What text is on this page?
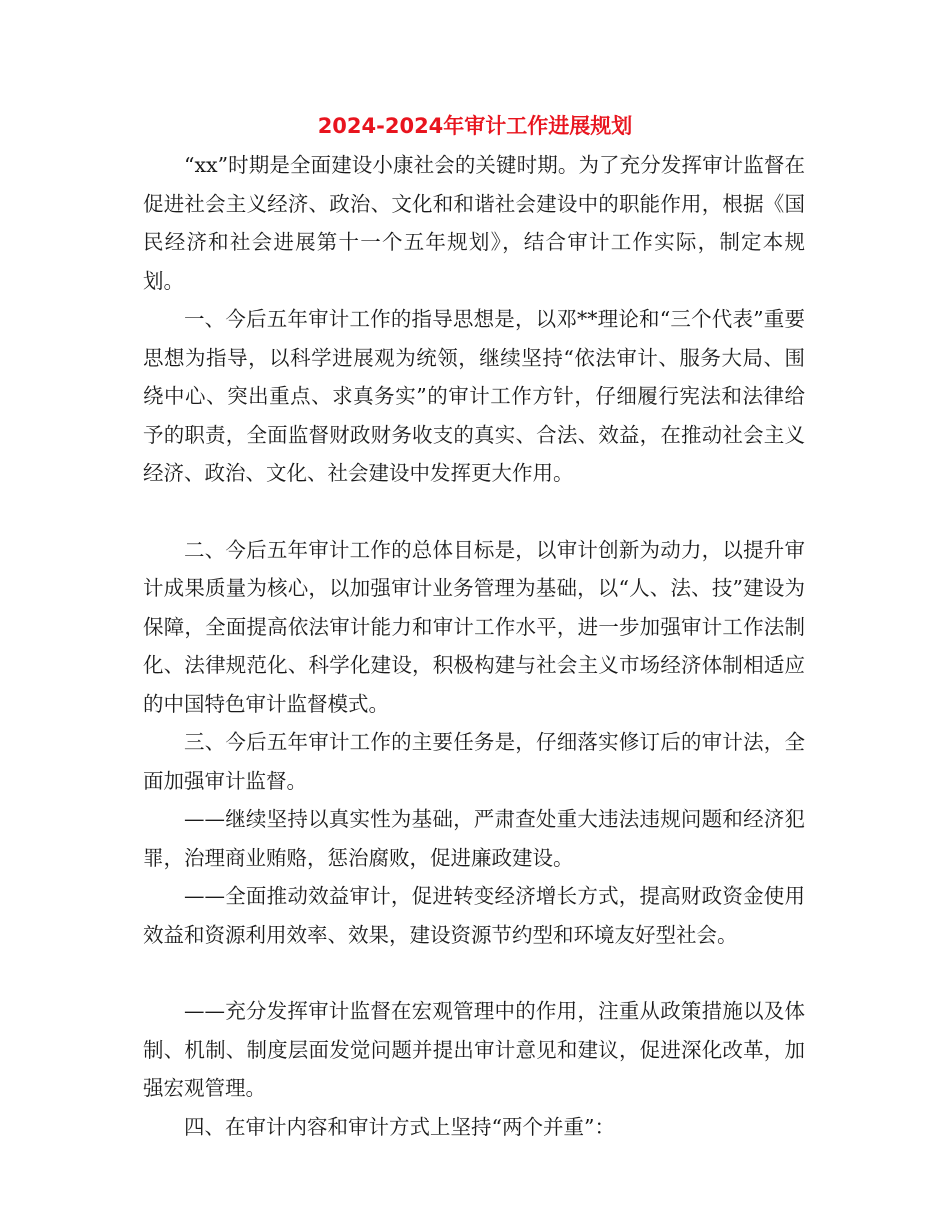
2024-2024年审计工作进展规划

“xx”时期是全面建设小康社会的关键时期。为了充分发挥审计监督在促进社会主义经济、政治、文化和和谐社会建设中的职能作用，根据《国民经济和社会进展第十一个五年规划》，结合审计工作实际，制定本规划。

一、今后五年审计工作的指导思想是，以邓**理论和“三个代表”重要思想为指导，以科学进展观为统领，继续坚持“依法审计、服务大局、围绕中心、突出重点、求真务实”的审计工作方针，仔细履行宪法和法律给予的职责，全面监督财政财务收支的真实、合法、效益，在推动社会主义经济、政治、文化、社会建设中发挥更大作用。

二、今后五年审计工作的总体目标是，以审计创新为动力，以提升审计成果质量为核心，以加强审计业务管理为基础，以“人、法、技”建设为保障，全面提高依法审计能力和审计工作水平，进一步加强审计工作法制化、法律规范化、科学化建设，积极构建与社会主义市场经济体制相适应的中国特色审计监督模式。

三、今后五年审计工作的主要任务是，仔细落实修订后的审计法，全面加强审计监督。

——继续坚持以真实性为基础，严肃查处重大违法违规问题和经济犯罪，治理商业贿赂，惩治腐败，促进廉政建设。

——全面推动效益审计，促进转变经济增长方式，提高财政资金使用效益和资源利用效率、效果，建设资源节约型和环境友好型社会。

——充分发挥审计监督在宏观管理中的作用，注重从政策措施以及体制、机制、制度层面发觉问题并提出审计意见和建议，促进深化改革，加强宏观管理。

四、在审计内容和审计方式上坚持“两个并重”：
